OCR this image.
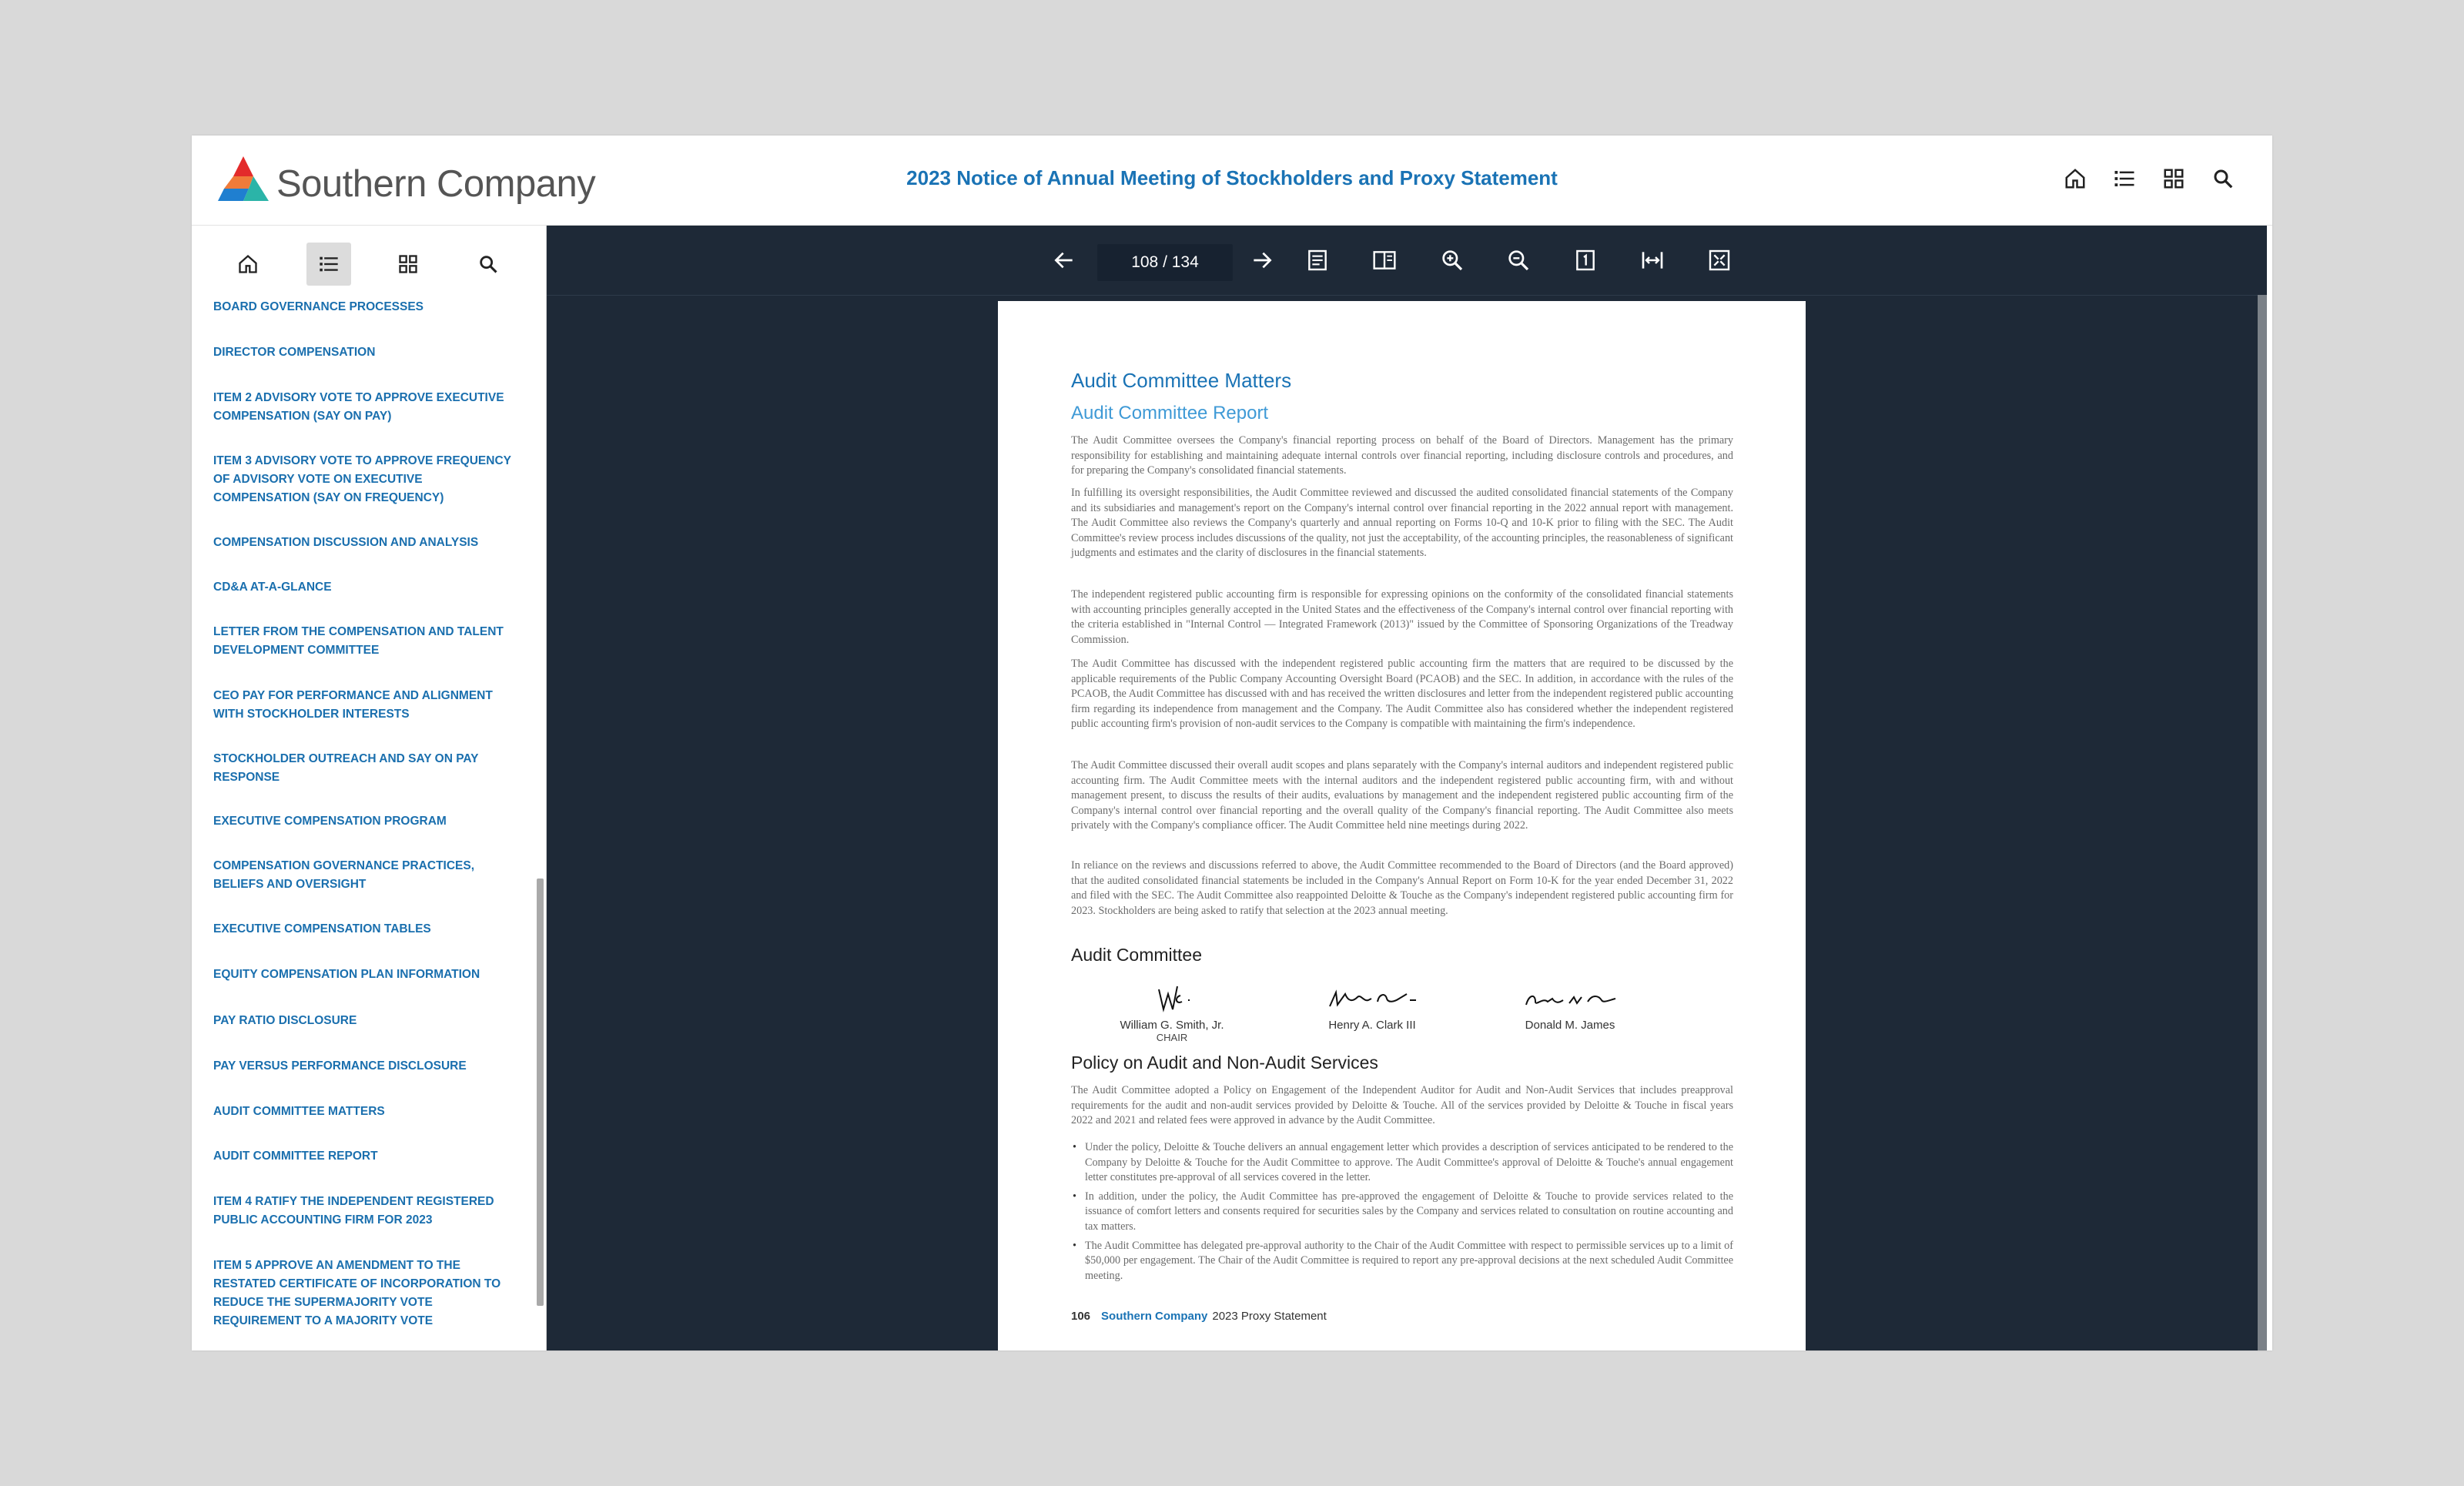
Southern Company	2023 Notice of Annual Meeting of Stockholders and Proxy Statement
BOARD GOVERNANCE PROCESSES
DIRECTOR COMPENSATION
ITEM 2 ADVISORY VOTE TO APPROVE EXECUTIVE COMPENSATION (SAY ON PAY)
ITEM 3 ADVISORY VOTE TO APPROVE FREQUENCY OF ADVISORY VOTE ON EXECUTIVE COMPENSATION (SAY ON FREQUENCY)
COMPENSATION DISCUSSION AND ANALYSIS
CD&A AT-A-GLANCE
LETTER FROM THE COMPENSATION AND TALENT DEVELOPMENT COMMITTEE
CEO PAY FOR PERFORMANCE AND ALIGNMENT WITH STOCKHOLDER INTERESTS
STOCKHOLDER OUTREACH AND SAY ON PAY RESPONSE
EXECUTIVE COMPENSATION PROGRAM
COMPENSATION GOVERNANCE PRACTICES, BELIEFS AND OVERSIGHT
EXECUTIVE COMPENSATION TABLES
EQUITY COMPENSATION PLAN INFORMATION
PAY RATIO DISCLOSURE
PAY VERSUS PERFORMANCE DISCLOSURE
AUDIT COMMITTEE MATTERS
AUDIT COMMITTEE REPORT
ITEM 4 RATIFY THE INDEPENDENT REGISTERED PUBLIC ACCOUNTING FIRM FOR 2023
ITEM 5 APPROVE AN AMENDMENT TO THE RESTATED CERTIFICATE OF INCORPORATION TO REDUCE THE SUPERMAJORITY VOTE REQUIREMENT TO A MAJORITY VOTE
108 / 134
Audit Committee Matters
Audit Committee Report
The Audit Committee oversees the Company's financial reporting process on behalf of the Board of Directors. Management has the primary responsibility for establishing and maintaining adequate internal controls over financial reporting, including disclosure controls and procedures, and for preparing the Company's consolidated financial statements.
In fulfilling its oversight responsibilities, the Audit Committee reviewed and discussed the audited consolidated financial statements of the Company and its subsidiaries and management's report on the Company's internal control over financial reporting in the 2022 annual report with management. The Audit Committee also reviews the Company's quarterly and annual reporting on Forms 10-Q and 10-K prior to filing with the SEC. The Audit Committee's review process includes discussions of the quality, not just the acceptability, of the accounting principles, the reasonableness of significant judgments and estimates and the clarity of disclosures in the financial statements.
The independent registered public accounting firm is responsible for expressing opinions on the conformity of the consolidated financial statements with accounting principles generally accepted in the United States and the effectiveness of the Company's internal control over financial reporting with the criteria established in "Internal Control — Integrated Framework (2013)" issued by the Committee of Sponsoring Organizations of the Treadway Commission.
The Audit Committee has discussed with the independent registered public accounting firm the matters that are required to be discussed by the applicable requirements of the Public Company Accounting Oversight Board (PCAOB) and the SEC. In addition, in accordance with the rules of the PCAOB, the Audit Committee has discussed with and has received the written disclosures and letter from the independent registered public accounting firm regarding its independence from management and the Company. The Audit Committee also has considered whether the independent registered public accounting firm's provision of non-audit services to the Company is compatible with maintaining the firm's independence.
The Audit Committee discussed their overall audit scopes and plans separately with the Company's internal auditors and independent registered public accounting firm. The Audit Committee meets with the internal auditors and the independent registered public accounting firm, with and without management present, to discuss the results of their audits, evaluations by management and the independent registered public accounting firm of the Company's internal control over financial reporting and the overall quality of the Company's financial reporting. The Audit Committee also meets privately with the Company's compliance officer. The Audit Committee held nine meetings during 2022.
In reliance on the reviews and discussions referred to above, the Audit Committee recommended to the Board of Directors (and the Board approved) that the audited consolidated financial statements be included in the Company's Annual Report on Form 10-K for the year ended December 31, 2022 and filed with the SEC. The Audit Committee also reappointed Deloitte & Touche as the Company's independent registered public accounting firm for 2023. Stockholders are being asked to ratify that selection at the 2023 annual meeting.
Audit Committee
William G. Smith, Jr.
CHAIR
Henry A. Clark III	Donald M. James
Policy on Audit and Non-Audit Services
The Audit Committee adopted a Policy on Engagement of the Independent Auditor for Audit and Non-Audit Services that includes preapproval requirements for the audit and non-audit services provided by Deloitte & Touche. All of the services provided by Deloitte & Touche in fiscal years 2022 and 2021 and related fees were approved in advance by the Audit Committee.
• Under the policy, Deloitte & Touche delivers an annual engagement letter which provides a description of services anticipated to be rendered to the Company by Deloitte & Touche for the Audit Committee to approve. The Audit Committee's approval of Deloitte & Touche's annual engagement letter constitutes pre-approval of all services covered in the letter.
• In addition, under the policy, the Audit Committee has pre-approved the engagement of Deloitte & Touche to provide services related to the issuance of comfort letters and consents required for securities sales by the Company and services related to consultation on routine accounting and tax matters.
• The Audit Committee has delegated pre-approval authority to the Chair of the Audit Committee with respect to permissible services up to a limit of $50,000 per engagement. The Chair of the Audit Committee is required to report any pre-approval decisions at the next scheduled Audit Committee meeting.
106 Southern Company 2023 Proxy Statement
